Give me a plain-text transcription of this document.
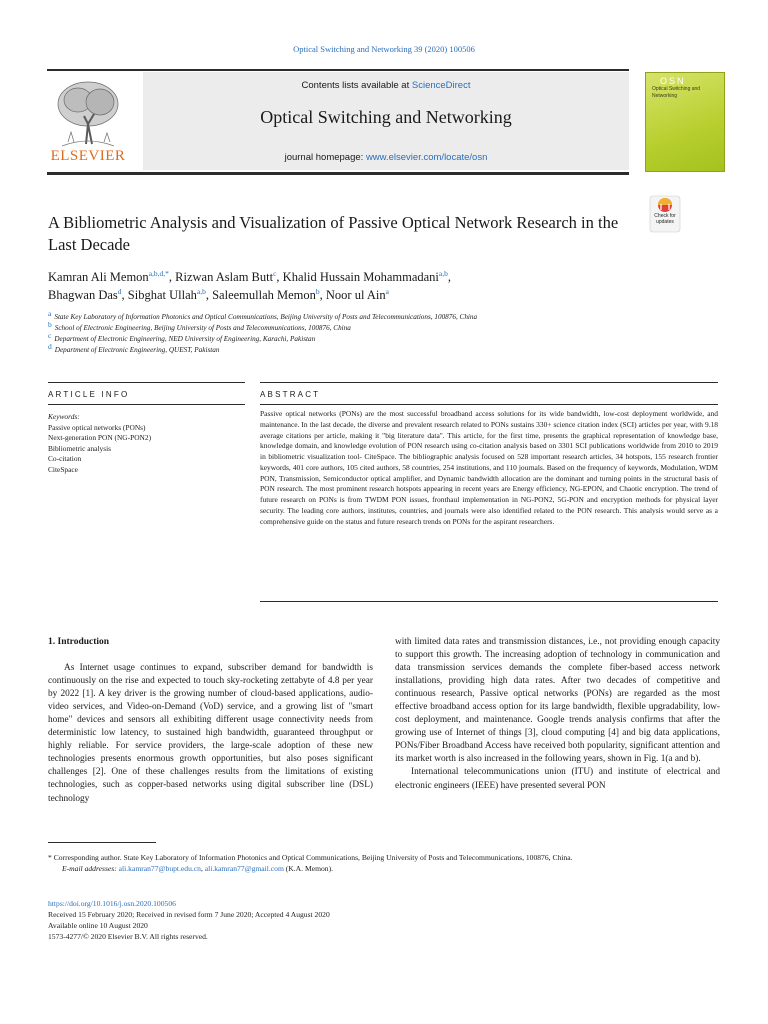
Optical Switching and Networking 39 (2020) 100506
ELSEVIER
Contents lists available at ScienceDirect
Optical Switching and Networking
journal homepage: www.elsevier.com/locate/osn
OSN
Optical Switching and Networking
A Bibliometric Analysis and Visualization of Passive Optical Network Research in the Last Decade
Check for
updates
Kamran Ali Memon$^{a,b,d,*}$, Rizwan Aslam Butt$^c$, Khalid Hussain Mohammadani$^{a,b}$,
Bhagwan Das$^d$, Sibghat Ullah$^{a,b}$, Saleemullah Memon$^b$, Noor ul Ain$^a$
$^a$ State Key Laboratory of Information Photonics and Optical Communications, Beijing University of Posts and Telecommunications, 100876, China
$^b$ School of Electronic Engineering, Beijing University of Posts and Telecommunications, 100876, China
$^c$ Department of Electronic Engineering, NED University of Engineering, Karachi, Pakistan
$^d$ Department of Electronic Engineering, QUEST, Pakistan
ARTICLE INFO	ABSTRACT
Keywords:
Passive optical networks (PONs)
Next-generation PON (NG-PON2)
Bibliometric analysis
Co-citation
CiteSpace
Passive optical networks (PONs) are the most successful broadband access solutions for its wide bandwidth, low-cost deployment worldwide, and maintenance. In the last decade, the diverse and prevalent research related to PONs sustains 330+ science citation index (SCI) articles per year, with 9.18 average citations per article, making it "big literature data". This article, for the first time, presents the graphical representation of knowledge base, knowledge domain, and knowledge evolution of PON research using co-citation analysis based on 3301 SCI publications worldwide from 2010 to 2019 in bibliometric visualization tool- CiteSpace. The bibliographic analysis focused on 528 important research articles, 34 hotspots, 155 research frontier keywords, 401 core authors, 105 cited authors, 58 countries, 254 institutions, and 110 journals. Based on the frequency of keywords, Modulation, WDM PON, Transmission, Semiconductor optical amplifier, and Dynamic bandwidth allocation are the dominant and turning points in the structural basis of PON research. The most prominent research hotspots appearing in recent years are Energy efficiency, NG-EPON, and Chaotic encryption. The trend of future research on PONs is from TWDM PON issues, fronthaul implementation in NG-PON2, 5G-PON and encryption methods for physical layer security. The leading core authors, institutes, countries, and journals were also identified related to the PON research. This analysis would serve as a comprehensive guide on the status and future research trends on PONs for the aspirant researchers.
1. Introduction

As Internet usage continues to expand, subscriber demand for bandwidth is continuously on the rise and expected to touch sky-rocketing zettabyte of 4.8 per year by 2022 [1]. A key driver is the growing number of cloud-based applications, audio-video services, and Video-on-Demand (VoD) service, and a growing list of "smart home" devices and sensors all exhibiting different usage connectivity needs from deterministic low latency, to sustained high bandwidth, guaranteed throughput or highly reliable. For service providers, the large-scale adoption of these new technologies presents enormous growth opportunities, but also poses significant challenges [2]. One of these challenges results from the limitations of existing technologies, such as copper-based networks using digital subscriber line (DSL) technology

with limited data rates and transmission distances, i.e., not providing enough capacity to support this growth. The increasing adoption of technology in communication and data transmission services demands the complete fiber-based access network installations, providing high data rates. After two decades of competitive and continuous research, Passive optical networks (PONs) are regarded as the most effective broadband access option for its large bandwidth, flexible upgradability, low-cost deployment, and maintenance. Google trends analysis confirms that after the growing use of Internet of things [3], cloud computing [4] and big data applications, PONs/Fiber Broadband Access have received both popularity, significant attention and its market worth is also increased in the following years, shown in Fig. 1(a and b).

International telecommunications union (ITU) and institute of electrical and electronic engineers (IEEE) have presented several PON

* Corresponding author. State Key Laboratory of Information Photonics and Optical Communications, Beijing University of Posts and Telecommunications, 100876, China.
E-mail addresses: ali.kamran77@bupt.edu.cn, ali.kamran77@gmail.com (K.A. Memon).
https://doi.org/10.1016/j.osn.2020.100506
Received 15 February 2020; Received in revised form 7 June 2020; Accepted 4 August 2020
Available online 10 August 2020
1573-4277/© 2020 Elsevier B.V. All rights reserved.
